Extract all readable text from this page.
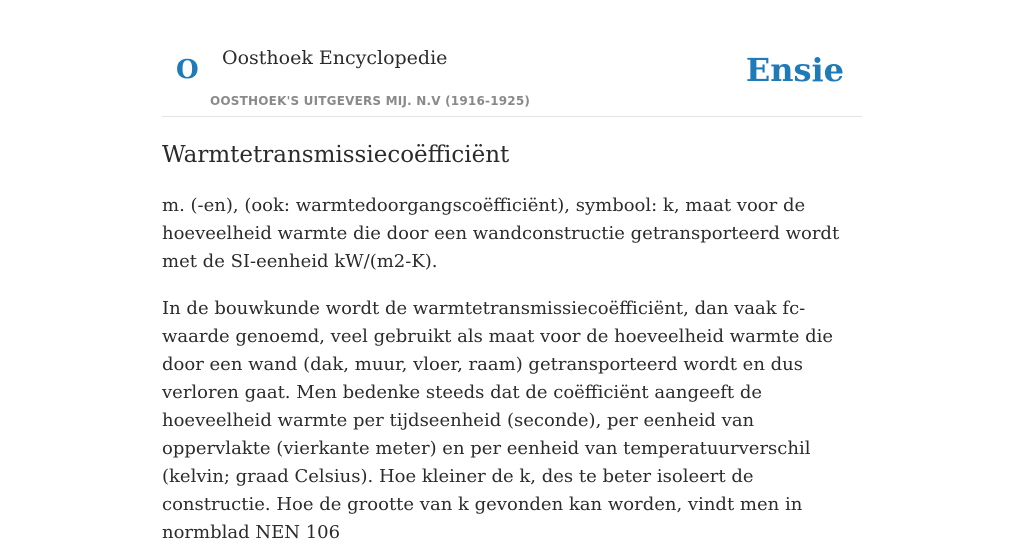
O Oosthoek Encyclopedie
OOSTHOEK'S UITGEVERS MIJ. N.V (1916-1925)
Ensie
Warmtetransmissiecoëfficiënt

m. (-en), (ook: warmtedoorgangscoëfficiënt), symbool: k, maat voor de hoeveelheid warmte die door een wandconstructie getransporteerd wordt met de SI-eenheid kW/(m2-K).

In de bouwkunde wordt de warmtetransmissiecoëfficiënt, dan vaak fc-waarde genoemd, veel gebruikt als maat voor de hoeveelheid warmte die door een wand (dak, muur, vloer, raam) getransporteerd wordt en dus verloren gaat. Men bedenke steeds dat de coëfficiënt aangeeft de hoeveelheid warmte per tijdseenheid (seconde), per eenheid van oppervlakte (vierkante meter) en per eenheid van temperatuurverschil (kelvin; graad Celsius). Hoe kleiner de k, des te beter isoleert de constructie. Hoe de grootte van k gevonden kan worden, vindt men in normblad NEN 106
